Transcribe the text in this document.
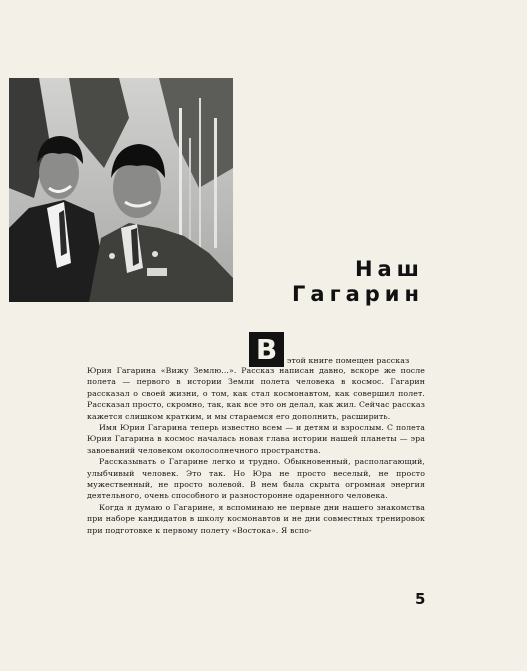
Наш
Гагарин
В	этой книге помещен рассказ

Юрия Гагарина «Вижу Землю...». Рассказ написан давно, вскоре же после полета — первого в истории Земли полета человека в космос. Гагарин рассказал о своей жизни, о том, как стал космонавтом, как совершил полет. Рассказал просто, скромно, так, как все это он делал, как жил. Сейчас рассказ кажется слишком кратким, и мы стараемся его дополнить, расширить.

Имя Юрия Гагарина теперь известно всем — и детям и взрослым. С полета Юрия Гагарина в космос началась новая глава истории нашей планеты — эра завоеваний человеком околосолнечного пространства.

Рассказывать о Гагарине легко и трудно. Обыкновенный, располагающий, улыбчивый человек. Это так. Но Юра не просто веселый, не просто мужественный, не просто волевой. В нем была скрыта огромная энергия деятельного, очень способного и разносторонне одаренного человека.

Когда я думаю о Гагарине, я вспоминаю не первые дни нашего знакомства при наборе кандидатов в школу космонавтов и не дни совместных тренировок при подготовке к первому полету «Востока». Я вспо-

5
